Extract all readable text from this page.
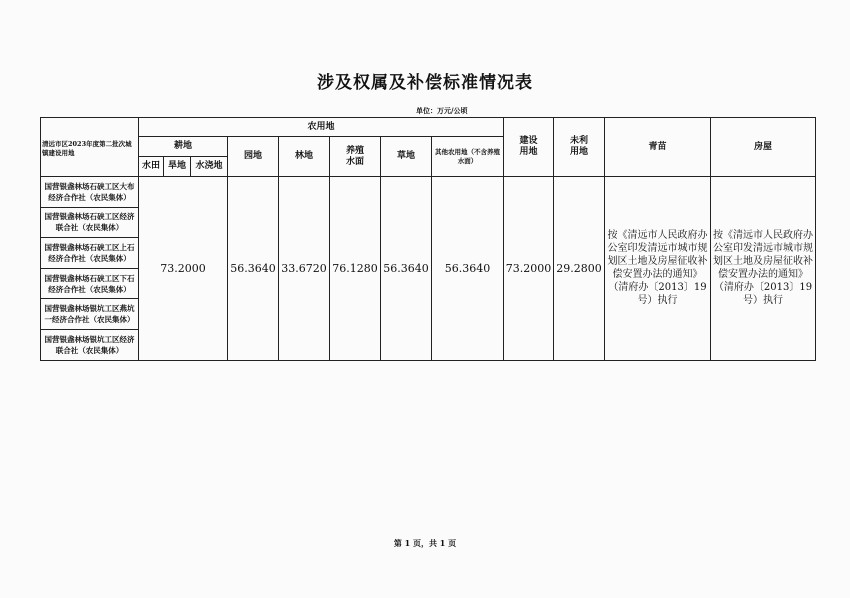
涉及权属及补偿标准情况表
单位：万元/公顷
清远市区2023年度第二批次城镇建设用地	农用地								建设用地	未利用地	青苗	房屋
	耕地			园地	林地	养殖水面	草地	其他农用地（不含养殖水面）				
	水田	旱地	水浇地									
国营银盏林场石硖工区大布经济合作社（农民集体）	73.2000			56.3640	33.6720	76.1280	56.3640	56.3640	73.2000	29.2800	按《清远市人民政府办公室印发清远市城市规划区土地及房屋征收补偿安置办法的通知》（清府办〔2013〕19号）执行	按《清远市人民政府办公室印发清远市城市规划区土地及房屋征收补偿安置办法的通知》（清府办〔2013〕19号）执行
国营银盏林场石硖工区经济联合社（农民集体）												
国营银盏林场石硖工区上石经济合作社（农民集体）												
国营银盏林场石硖工区下石经济合作社（农民集体）												
国营银盏林场银坑工区燕坑一经济合作社（农民集体）												
国营银盏林场银坑工区经济联合社（农民集体）												
第 1 页，共 1 页
